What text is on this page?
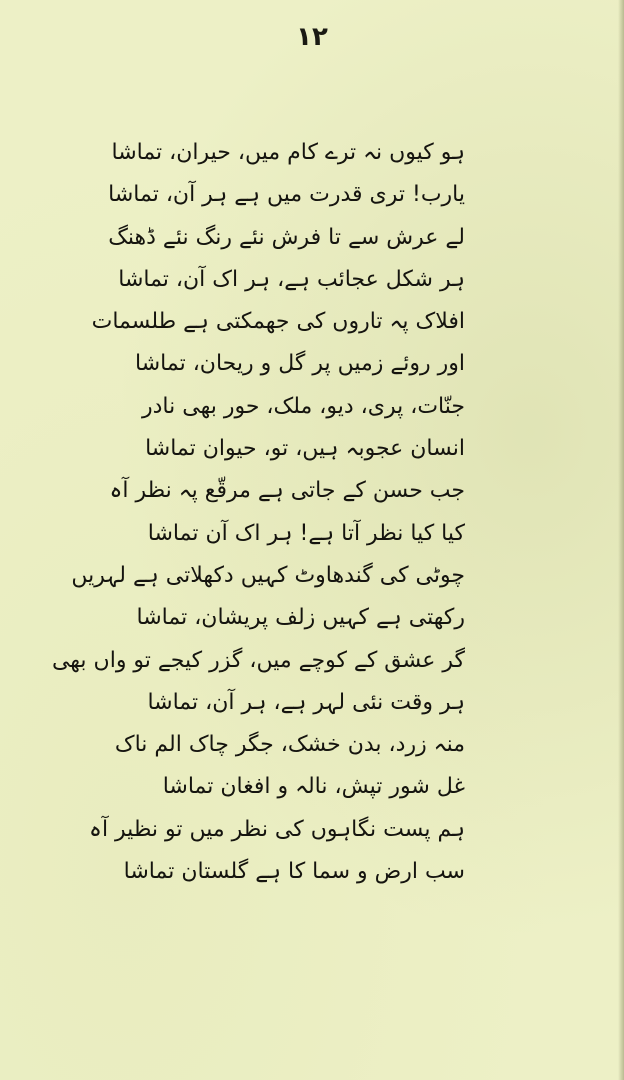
۱۲
ہو کیوں نہ ترے کام میں، حیران، تماشا
یارب! تری قدرت میں ہے ہر آن، تماشا
لے عرش سے تا فرش نئے رنگ نئے ڈھنگ
ہر شکل عجائب ہے، ہر اک آن، تماشا
افلاک پہ تاروں کی جھمکتی ہے طلسمات
اور روئے زمیں پر گل و ریحان، تماشا
جنّات، پری، دیو، ملک، حور بھی نادر
انسان عجوبہ ہیں، تو، حیوان تماشا
جب حسن کے جاتی ہے مرقّع پہ نظر آہ
کیا کیا نظر آتا ہے! ہر اک آن تماشا
چوٹی کی گندھاوٹ کہیں دکھلاتی ہے لہریں
رکھتی ہے کہیں زلف پریشان، تماشا
گر عشق کے کوچے میں، گزر کیجے تو واں بھی
ہر وقت نئی لہر ہے، ہر آن، تماشا
منہ زرد، بدن خشک، جگر چاک الم ناک
غل شور تپش، نالہ و افغان تماشا
ہم پست نگاہوں کی نظر میں تو نظیر آہ
سب ارض و سما کا ہے گلستان تماشا
